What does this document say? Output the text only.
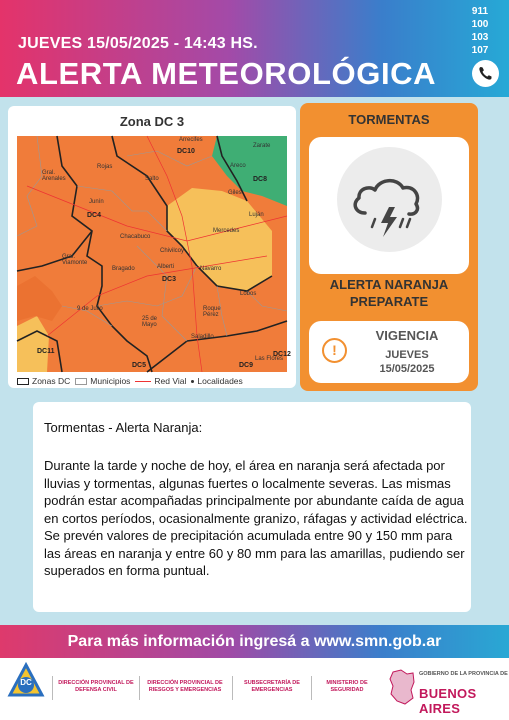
JUEVES 15/05/2025 - 14:43 HS.
ALERTA METEOROLÓGICA
911
100
103
107
Zona DC 3
Arrecifes
Rojas
Salto
Areco
Zarate
Gral. Arenales
Giles
Luján
Junín
Mercedes
Chacabuco
Chivilcoy
Gral. Viamonte
Bragado	Alberti	Navarro
Lobos
9 de Julio
25 de Mayo
Roque Pérez
Saladillo
Las Flores
DC10
DC8
DC3
DC5	DC9
DC4
DC11	DC12
Zonas DC Municipios	Red Vial Localidades
TORMENTAS
ALERTA NARANJA
PREPARATE
!
VIGENCIA
JUEVES
15/05/2025
Tormentas - Alerta Naranja:

Durante la tarde y noche de hoy, el área en naranja será afectada por lluvias y tormentas, algunas fuertes o localmente severas. Las mismas podrán estar acompañadas principalmente por abundante caída de agua en cortos períodos, ocasionalmente granizo, ráfagas y actividad eléctrica.

Se prevén valores de precipitación acumulada entre 90 y 150 mm para las áreas en naranja y entre 60 y 80 mm para las amarillas, pudiendo ser superados en forma puntual.

Para más información ingresá a www.smn.gob.ar
DC	DIRECCIÓN PROVINCIAL DE DEFENSA CIVIL
DIRECCIÓN PROVINCIAL DE RIESGOS Y EMERGENCIAS
SUBSECRETARÍA DE EMERGENCIAS
MINISTERIO DE SEGURIDAD
GOBIERNO DE LA PROVINCIA DE
BUENOS AIRES
